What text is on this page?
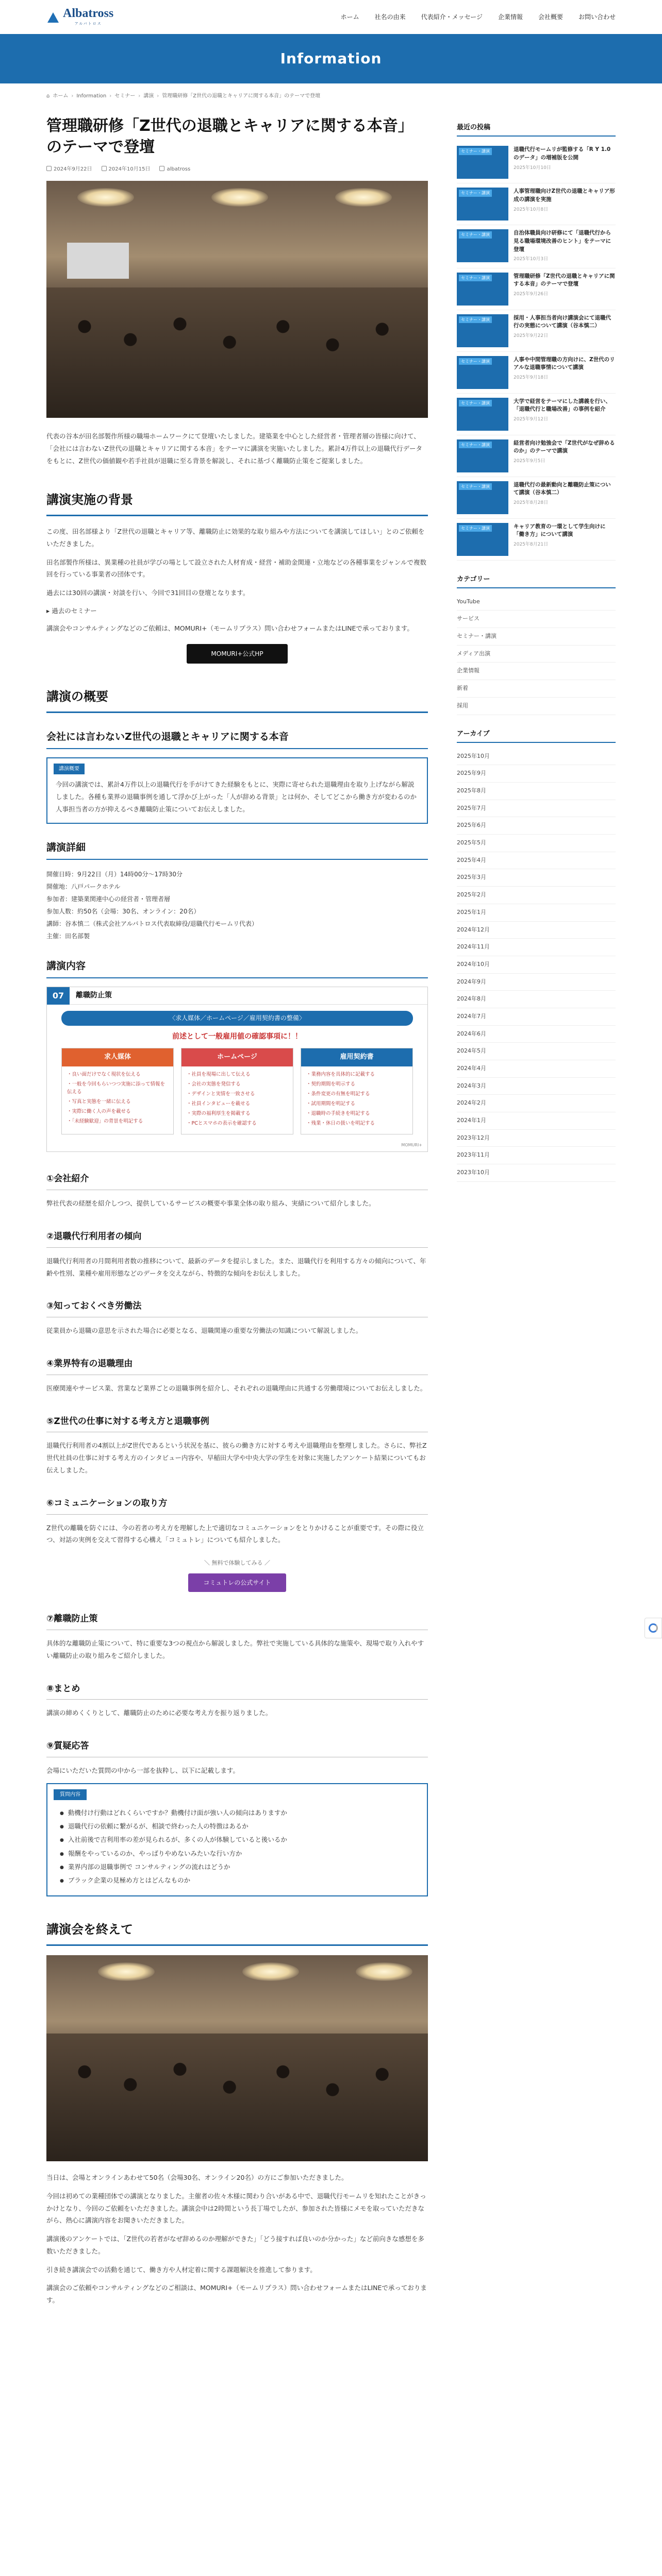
Albatross
アルバトロス
ホーム	社名の由来	代表紹介・メッセージ	企業情報	会社概要	お問い合わせ
Information
⌂ ホーム › Information › セミナー › 講演 › 管理職研修「Z世代の退職とキャリアに関する本音」のテーマで登壇
管理職研修「Z世代の退職とキャリアに関する本音」のテーマで登壇
2024年9月22日	2024年10月15日	albatross

代表の谷本が田名部製作所様の職場ホームワークにて登壇いたしました。建築業を中心とした経営者・管理者層の皆様に向けて、「会社には言わないZ世代の退職とキャリアに関する本音」をテーマに講演を実施いたしました。累計4万件以上の退職代行データをもとに、Z世代の価値観や若手社員が退職に至る背景を解説し、それに基づく離職防止策をご提案しました。

講演実施の背景

この度、田名部様より「Z世代の退職とキャリア等、離職防止に効果的な取り組みや方法についてを講演してほしい」とのご依頼をいただきました。

田名部製作所様は、異業種の社員が学びの場として設立された人材育成・経営・補助金関連・立地などの各種事業をジャンルで複数回を行っている事業者の団体です。

過去には30回の講演・対談を行い、今回で31回目の登壇となります。

▸ 過去のセミナー

講演会やコンサルティングなどのご依頼は、MOMURI+（モームリプラス）問い合わせフォームまたはLINEで承っております。

MOMURI+公式HP
講演の概要
会社には言わないZ世代の退職とキャリアに関する本音
講演概要

今回の講演では、累計4万件以上の退職代行を手がけてきた経験をもとに、実際に寄せられた退職理由を取り上げながら解説しました。各種も業界の退職事例を通して浮かび上がった「人が辞める背景」とは何か、そしてどこから働き方が変わるのか人事担当者の方が抑えるべき離職防止策についてお伝えしました。

講演詳細
開催日時：9月22日（月）14時00分〜17時30分
開催地：八戸パークホテル
参加者：建築業関連中心の経営者・管理者層
参加人数：約50名（会場：30名、オンライン：20名）
講師：谷本慎二（株式会社アルバトロス代表取締役/退職代行モームリ代表）
主催：田名部製
講演内容
07	離職防止策
〈求人媒体／ホームページ／雇用契約書の整備〉
前述として一般雇用値の確認事項に！！
求人媒体
・ 良い面だけでなく現状を伝える
・ 一般を今回もらいつつ実施に添って情報を伝える
・ 写真と実態を一緒に伝える
・ 実際に働く人の声を載せる
・ 「未経験歓迎」の背景を明記する
ホームページ
・ 社員を現場に出して伝える
・ 会社の実態を発信する
・ デザインと実情を一致させる
・ 社員インタビューを載せる
・ 実際の福利厚生を掲載する
・ PCとスマホの表示を確認する
雇用契約書
・ 業務内容を具体的に記載する
・ 契約期間を明示する
・ 条件変更の有無を明記する
・ 試用期間を明記する
・ 退職時の手続きを明記する
・ 残業・休日の扱いを明記する
MOMURI+
①会社紹介

弊社代表の経歴を紹介しつつ、提供しているサービスの概要や事業全体の取り組み、実績について紹介しました。

②退職代行利用者の傾向

退職代行利用者の月間利用者数の推移について、最新のデータを提示しました。また、退職代行を利用する方々の傾向について、年齢や性別、業種や雇用形態などのデータを交えながら、特徴的な傾向をお伝えしました。

③知っておくべき労働法

従業員から退職の意思を示された場合に必要となる、退職関連の重要な労働法の知識について解説しました。

④業界特有の退職理由

医療関連やサービス業、営業など業界ごとの退職事例を紹介し、それぞれの退職理由に共通する労働環境についてお伝えしました。

⑤Z世代の仕事に対する考え方と退職事例

退職代行利用者の4割以上がZ世代であるという状況を基に、彼らの働き方に対する考えや退職理由を整理しました。さらに、弊社Z世代社員の仕事に対する考え方のインタビュー内容や、早稲田大学や中央大学の学生を対象に実施したアンケート結果についてもお伝えしました。

⑥コミュニケーションの取り方

Z世代の離職を防ぐには、今の若者の考え方を理解した上で適切なコミュニケーションをとりかけることが重要です。その際に役立つ、対話の実例を交えて習得する心構え「コミュトレ」についても紹介しました。

＼ 無料で体験してみる ／
コミュトレの公式サイト
⑦離職防止策

具体的な離職防止策について、特に重要な3つの視点から解説しました。弊社で実施している具体的な施策や、現場で取り入れやすい離職防止の取り組みをご紹介しました。

⑧まとめ

講演の締めくくりとして、離職防止のために必要な考え方を振り返りました。

⑨質疑応答

会場にいただいた質問の中から一部を抜粋し、以下に記載します。

質問内容
● 動機付け行動はどれくらいですか？動機付け面が強い人の傾向はありますか
● 退職代行の依頼に繋がるが、相談で終わった人の特徴はあるか
● 入社前後で吉利用率の差が見られるが、多くの人が体験していると後いるか
● 報酬をやっているのか、やっばりやめないみたいな行い方か
● 業界内部の退職事例で コンサルティングの流れはどうか
● ブラック企業の見極め方とはどんなものか
講演会を終えて

当日は、会場とオンラインあわせて50名（会場30名、オンライン20名）の方にご参加いただきました。

今回は初めての業種団体での講演となりました。主催者の佐々木様に関わり合いがある中で、退職代行モームリを知れたことがきっかけとなり、今回のご依頼をいただきました。講演会中は2時間という長丁場でしたが、参加された皆様にメモを取っていただきながら、熱心に講演内容をお聞きいただきました。

講演後のアンケートでは、「Z世代の若者がなぜ辞めるのか理解ができた」「どう接すれば良いのか分かった」など前向きな感想を多数いただきました。

引き続き講演会での活動を通じて、働き方や人材定着に関する課題解決を推進して参ります。

講演会のご依頼やコンサルティングなどのご相談は、MOMURI+（モームリプラス）問い合わせフォームまたはLINEで承っております。

最近の投稿
セミナー・講演	退職代行モームリが監修する「R Y 1.0のデータ」の増補版を公開
2025年10月10日
セミナー・講演	人事管理職向けZ世代の退職とキャリア形成の講演を実施
2025年10月8日
セミナー・講演	自治体職員向け研修にて「退職代行から見る職場環境改善のヒント」をテーマに登壇
2025年10月3日
セミナー・講演	管理職研修「Z世代の退職とキャリアに関する本音」のテーマで登壇
2025年9月26日
セミナー・講演	採用・人事担当者向け講演会にて退職代行の実態について講演（谷本慎二）
2025年9月22日
セミナー・講演	人事や中間管理職の方向けに、Z世代のリアルな退職事情について講演
2025年9月18日
セミナー・講演	大学で経営をテーマにした講義を行い、「退職代行と職場改善」の事例を紹介
2025年9月12日
セミナー・講演	経営者向け勉強会で「Z世代がなぜ辞めるのか」のテーマで講演
2025年9月5日
セミナー・講演	退職代行の最新動向と離職防止策について講演（谷本慎二）
2025年8月28日
セミナー・講演	キャリア教育の一環として学生向けに「働き方」について講演
2025年8月21日
カテゴリー
YouTube
サービス
セミナー・講演
メディア出演
企業情報
新着
採用
アーカイブ
2025年10月
2025年9月
2025年8月
2025年7月
2025年6月
2025年5月
2025年4月
2025年3月
2025年2月
2025年1月
2024年12月
2024年11月
2024年10月
2024年9月
2024年8月
2024年7月
2024年6月
2024年5月
2024年4月
2024年3月
2024年2月
2024年1月
2023年12月
2023年11月
2023年10月
